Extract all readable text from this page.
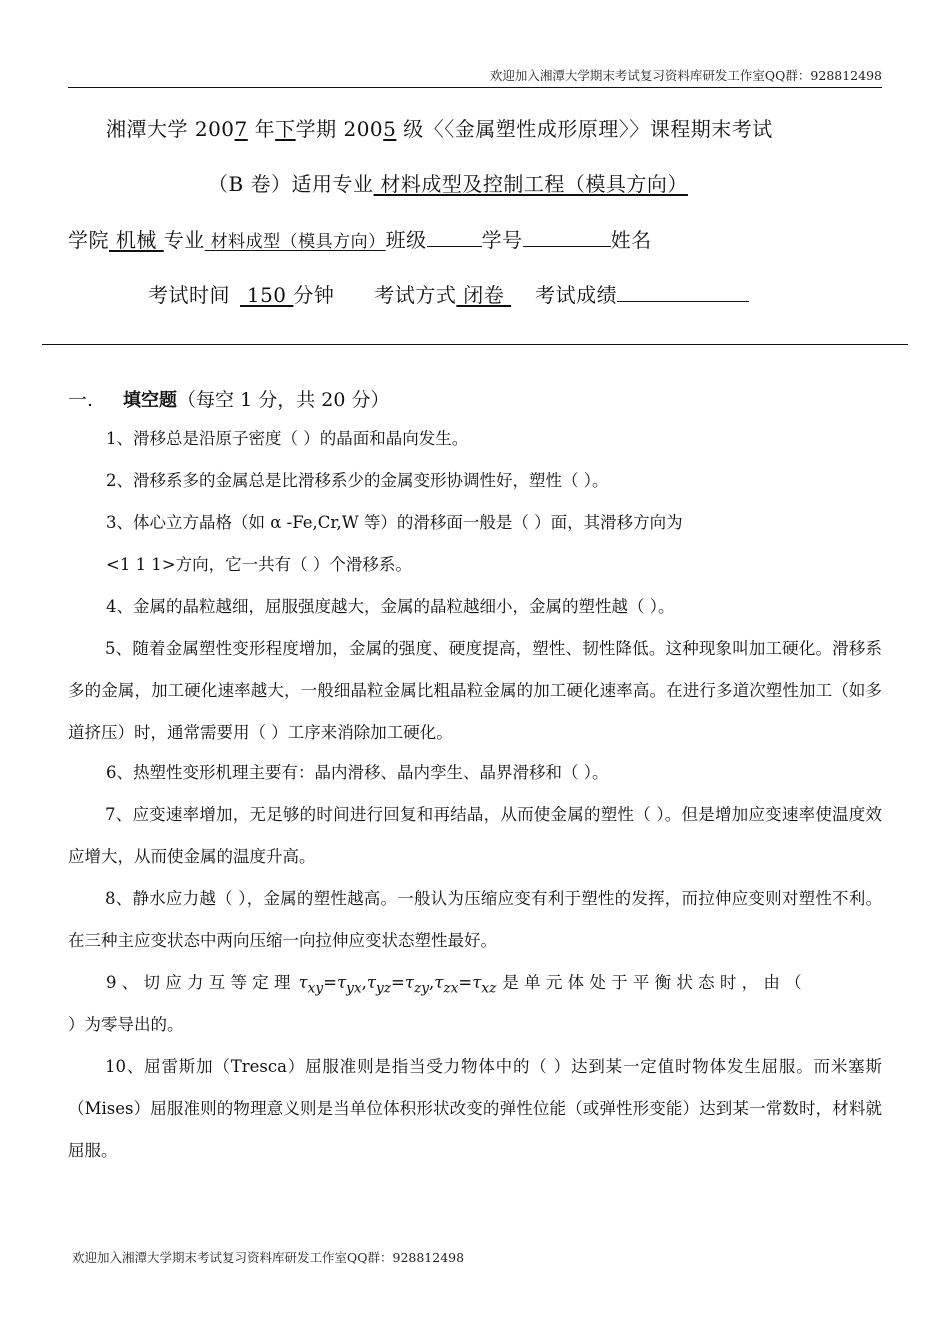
欢迎加入湘潭大学期末考试复习资料库研发工作室QQ群：928812498
湘潭大学 2007 年下学期 2005 级〈〈金属塑性成形原理〉〉课程期末考试
（B 卷）适用专业 材料成型及控制工程（模具方向）
学院 机械 专业 材料成型（模具方向）班级	学号	姓名
考试时间 150 分钟 考试方式 闭卷 考试成绩
一. 填空题（每空 1 分，共 20 分）
1、滑移总是沿原子密度（ ）的晶面和晶向发生。
2、滑移系多的金属总是比滑移系少的金属变形协调性好，塑性（ ）。
3、体心立方晶格（如 α -Fe,Cr,W 等）的滑移面一般是（ ）面，其滑移方向为
<1 1 1>方向，它一共有（ ）个滑移系。
4、金属的晶粒越细，屈服强度越大，金属的晶粒越细小，金属的塑性越（ ）。
5、随着金属塑性变形程度增加，金属的强度、硬度提高，塑性、韧性降低。这种现象叫加工硬化。滑移系多的金属，加工硬化速率越大，一般细晶粒金属比粗晶粒金属的加工硬化速率高。在进行多道次塑性加工（如多道挤压）时，通常需要用（ ）工序来消除加工硬化。
6、热塑性变形机理主要有：晶内滑移、晶内孪生、晶界滑移和（ ）。
7、应变速率增加，无足够的时间进行回复和再结晶，从而使金属的塑性（ ）。但是增加应变速率使温度效应增大，从而使金属的温度升高。
8、静水应力越（ ），金属的塑性越高。一般认为压缩应变有利于塑性的发挥，而拉伸应变则对塑性不利。在三种主应变状态中两向压缩一向拉伸应变状态塑性最好。
9 、 切 应 力 互 等 定 理 $\tau_{xy}=\tau_{yx},\tau_{yz}=\tau_{zy},\tau_{zx}=\tau_{xz}$ 是 单 元 体 处 于 平 衡 状 态 时 ， 由 （
）为零导出的。
10、屈雷斯加（Tresca）屈服准则是指当受力物体中的（ ）达到某一定值时物体发生屈服。而米塞斯（Mises）屈服准则的物理意义则是当单位体积形状改变的弹性位能（或弹性形变能）达到某一常数时，材料就屈服。
欢迎加入湘潭大学期末考试复习资料库研发工作室QQ群：928812498
